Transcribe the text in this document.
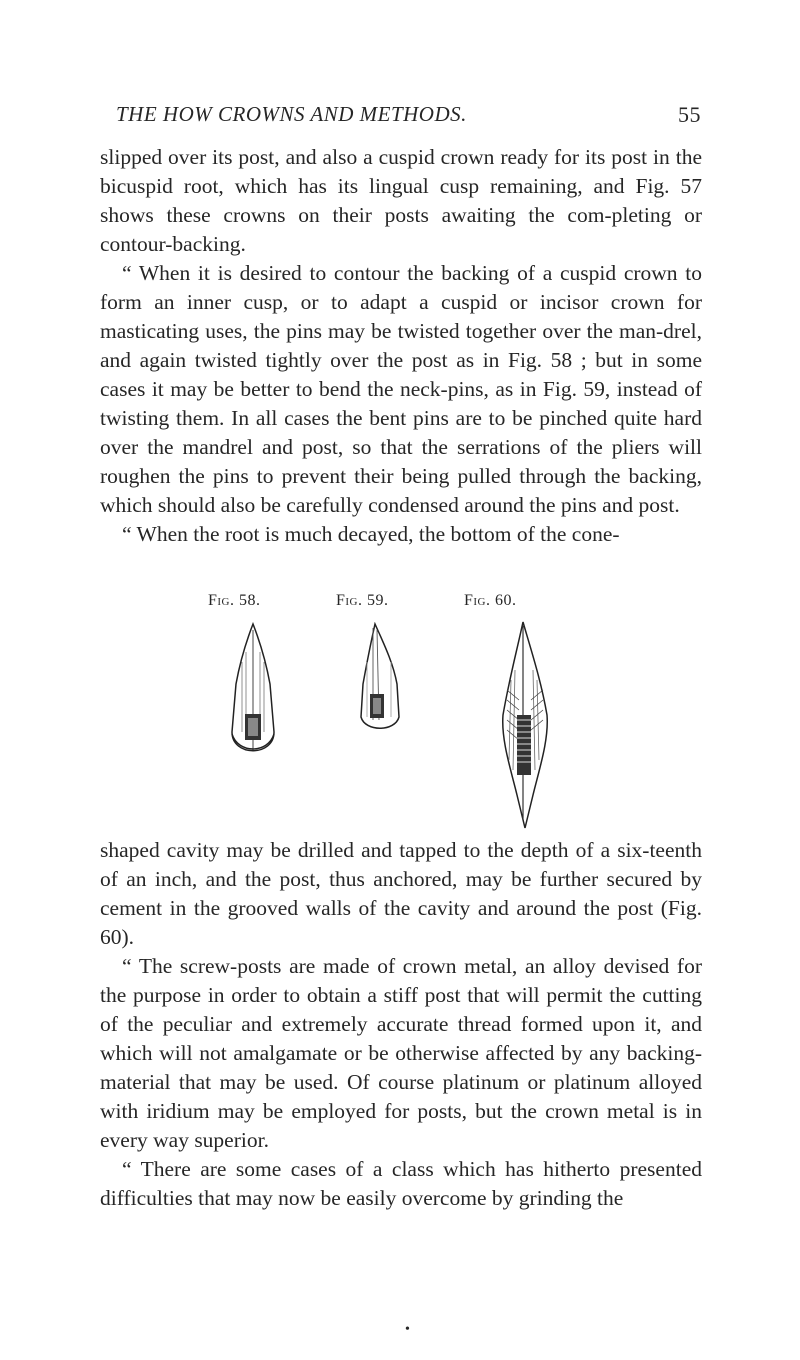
THE HOW CROWNS AND METHODS.	55

slipped over its post, and also a cuspid crown ready for its post in the bicuspid root, which has its lingual cusp remaining, and Fig. 57 shows these crowns on their posts awaiting the com-pleting or contour-backing.

“ When it is desired to contour the backing of a cuspid crown to form an inner cusp, or to adapt a cuspid or incisor crown for masticating uses, the pins may be twisted together over the man-drel, and again twisted tightly over the post as in Fig. 58 ; but in some cases it may be better to bend the neck-pins, as in Fig. 59, instead of twisting them. In all cases the bent pins are to be pinched quite hard over the mandrel and post, so that the serrations of the pliers will roughen the pins to prevent their being pulled through the backing, which should also be carefully condensed around the pins and post.

“ When the root is much decayed, the bottom of the cone-

Fig. 58.	Fig. 59.	Fig. 60.

shaped cavity may be drilled and tapped to the depth of a six-teenth of an inch, and the post, thus anchored, may be further secured by cement in the grooved walls of the cavity and around the post (Fig. 60).

“ The screw-posts are made of crown metal, an alloy devised for the purpose in order to obtain a stiff post that will permit the cutting of the peculiar and extremely accurate thread formed upon it, and which will not amalgamate or be otherwise affected by any backing-material that may be used. Of course platinum or platinum alloyed with iridium may be employed for posts, but the crown metal is in every way superior.

“ There are some cases of a class which has hitherto presented difficulties that may now be easily overcome by grinding the

•
